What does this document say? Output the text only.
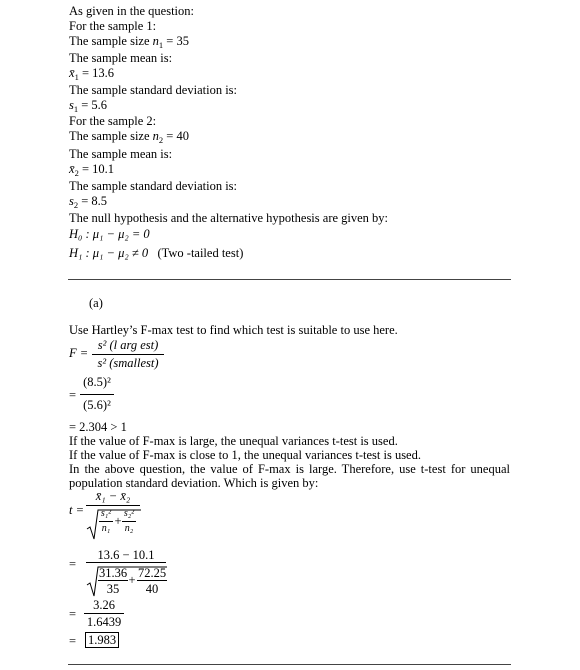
As given in the question:
For the sample 1:
The sample size $n_1 = 35$
The sample mean is:
$x̄_1 = 13.6$
The sample standard deviation is:
$s_1 = 5.6$
For the sample 2:
The sample size $n_2 = 40$
The sample mean is:
$x̄_2 = 10.1$
The sample standard deviation is:
$s_2 = 8.5$
The null hypothesis and the alternative hypothesis are given by:
H₀ : μ₁ − μ₂ = 0
H₁ : μ₁ − μ₂ ≠ 0 (Two -tailed test)
(a)
Use Hartley’s F-max test to find which test is suitable to use here.
F =
s² (l arg est)
s² (smallest)
=
(8.5)²
(5.6)²
= 2.304 > 1
If the value of F-max is large, the unequal variances t-test is used.
If the value of F-max is close to 1, the unequal variances t-test is used.
In the above question, the value of F-max is large. Therefore, use t-test for unequal population standard deviation. Which is given by:
t =
x̄₁ − x̄₂
s₁²
n₁
+
s₂²
n₂
=
13.6 − 10.1
31.36
35
+ 72.25
40
=
3.26
1.6439
= 1.983
